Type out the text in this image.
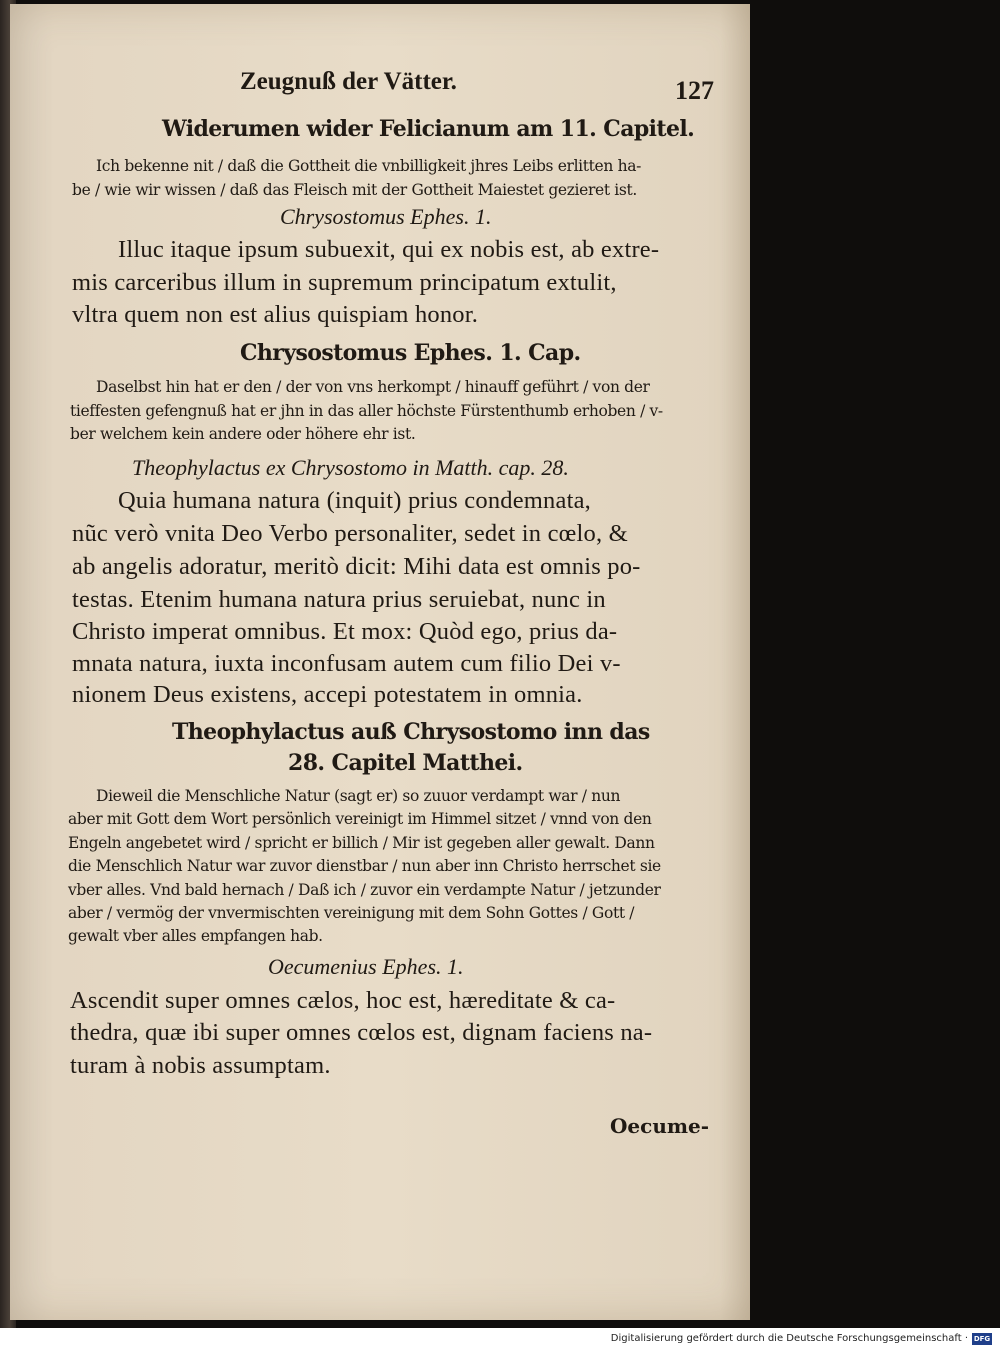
Zeugnuß der Vätter.	127
Widerumen wider Felicianum am 11. Capitel.
Ich bekenne nit / daß die Gottheit die vnbilligkeit jhres Leibs erlitten ha-
be / wie wir wissen / daß das Fleisch mit der Gottheit Maiestet gezieret ist.
Chrysostomus Ephes. 1.
Illuc itaque ipsum subuexit, qui ex nobis est, ab extre-
mis carceribus illum in supremum principatum extulit,
vltra quem non est alius quispiam honor.
Chrysostomus Ephes. 1. Cap.
Daselbst hin hat er den / der von vns herkompt / hinauff geführt / von der
tieffesten gefengnuß hat er jhn in das aller höchste Fürstenthumb erhoben / v-
ber welchem kein andere oder höhere ehr ist.
Theophylactus ex Chrysostomo in Matth. cap. 28.
Quia humana natura (inquit) prius condemnata,
nũc verò vnita Deo Verbo personaliter, sedet in cœlo, &
ab angelis adoratur, meritò dicit: Mihi data est omnis po-
testas. Etenim humana natura prius seruiebat, nunc in
Christo imperat omnibus. Et mox: Quòd ego, prius da-
mnata natura, iuxta inconfusam autem cum filio Dei v-
nionem Deus existens, accepi potestatem in omnia.
Theophylactus auß Chrysostomo inn das
28. Capitel Matthei.
Dieweil die Menschliche Natur (sagt er) so zuuor verdampt war / nun
aber mit Gott dem Wort persönlich vereinigt im Himmel sitzet / vnnd von den
Engeln angebetet wird / spricht er billich / Mir ist gegeben aller gewalt. Dann
die Menschlich Natur war zuvor dienstbar / nun aber inn Christo herrschet sie
vber alles. Vnd bald hernach / Daß ich / zuvor ein verdampte Natur / jetzunder
aber / vermög der vnvermischten vereinigung mit dem Sohn Gottes / Gott /
gewalt vber alles empfangen hab.
Oecumenius Ephes. 1.
Ascendit super omnes cælos, hoc est, hæreditate & ca-
thedra, quæ ibi super omnes cœlos est, dignam faciens na-
turam à nobis assumptam.
Oecume-
Digitalisierung gefördert durch die Deutsche Forschungsgemeinschaft · DFG
